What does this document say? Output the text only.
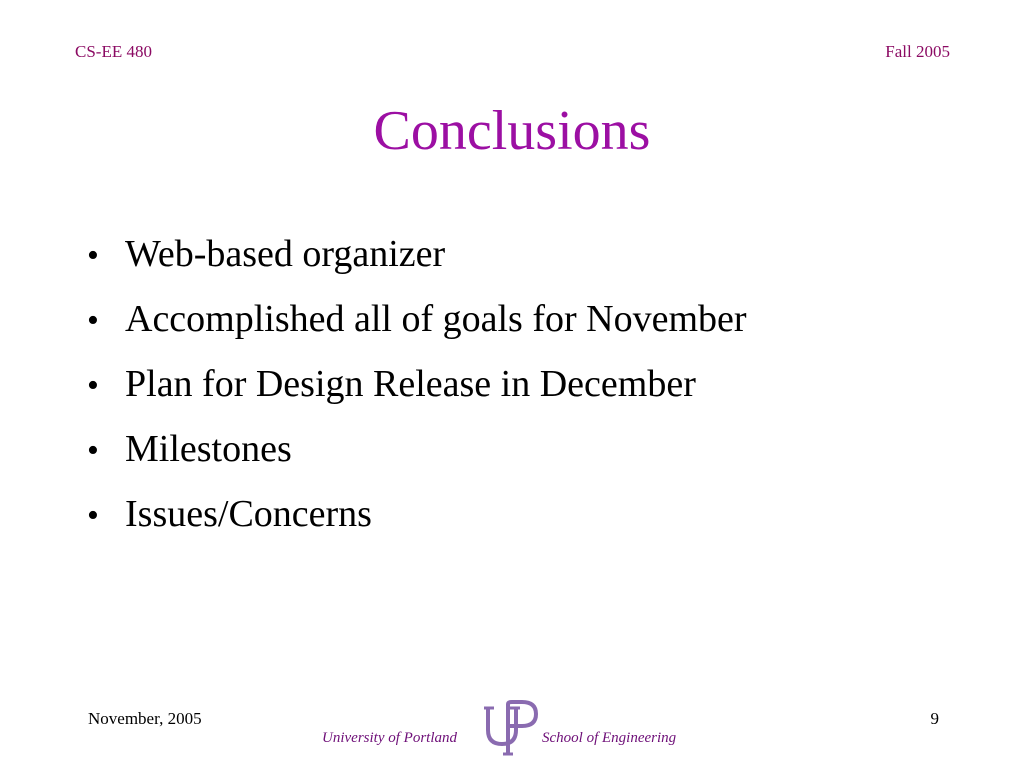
CS-EE 480	Fall 2005
Conclusions
• Web-based organizer
• Accomplished all of goals for November
• Plan for Design Release in December
• Milestones
• Issues/Concerns
November, 2005
University of Portland	School of Engineering
9
